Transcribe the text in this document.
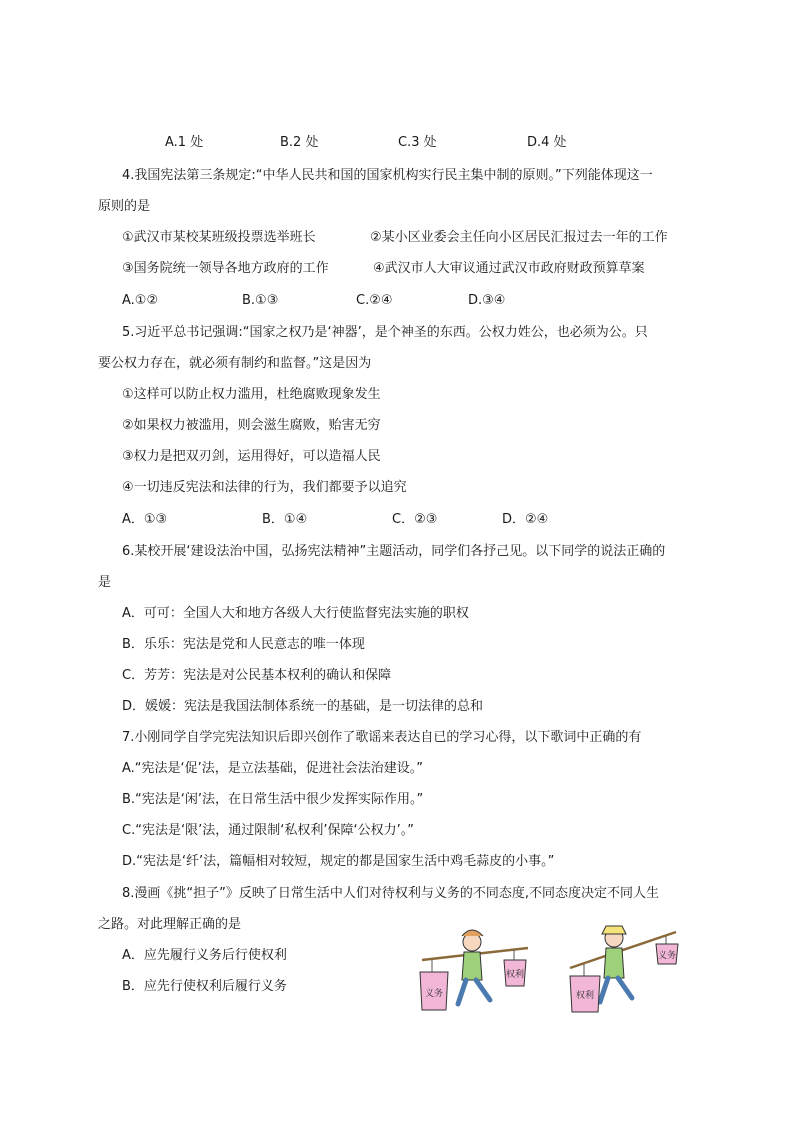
A.1 处	B.2 处	C.3 处	D.4 处
4.我国宪法第三条规定:“中华人民共和国的国家机构实行民主集中制的原则。”下列能体现这一
原则的是
①武汉市某校某班级投票选举班长	②某小区业委会主任向小区居民汇报过去一年的工作
③国务院统一领导各地方政府的工作	④武汉市人大审议通过武汉市政府财政预算草案
A.①②	B.①③	C.②④	D.③④
5.习近平总书记强调:“国家之权乃是‘神器’，是个神圣的东西。公权力姓公，也必须为公。只
要公权力存在，就必须有制约和监督。”这是因为
①这样可以防止权力滥用，杜绝腐败现象发生
②如果权力被滥用，则会滋生腐败，贻害无穷
③权力是把双刃剑，运用得好，可以造福人民
④一切违反宪法和法律的行为，我们都要予以追究
A．①③	B．①④	C．②③	D．②④
6.某校开展‘建设法治中国，弘扬宪法精神”主题活动，同学们各抒己见。以下同学的说法正确的
是
A．可可：全国人大和地方各级人大行使监督宪法实施的职权
B．乐乐：宪法是党和人民意志的唯一体现
C．芳芳：宪法是对公民基本权利的确认和保障
D．媛媛：宪法是我国法制体系统一的基础，是一切法律的总和
7.小刚同学自学完宪法知识后即兴创作了歌谣来表达自已的学习心得，以下歌词中正确的有
A.“宪法是‘促’法，是立法基础，促进社会法治建设。”
B.“宪法是‘闲’法，在日常生活中很少发挥实际作用。”
C.“宪法是‘限’法，通过限制‘私权利’保障‘公权力’。”
D.“宪法是‘纤’法，篇幅相对较短，规定的都是国家生活中鸡毛蒜皮的小事。”
8.漫画《挑“担子”》反映了日常生活中人们对待权利与义务的不同态度,不同态度决定不同人生
之路。对此理解正确的是
A．应先履行义务后行使权利
B．应先行使权利后履行义务	义务
权利
权利
义务
